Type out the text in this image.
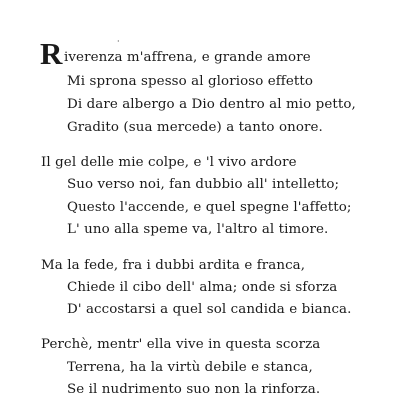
R	·
iverenza m'affrena, e grande amore
Mi sprona spesso al glorioso effetto
Di dare albergo a Dio dentro al mio petto,
Gradito (sua mercede) a tanto onore.
Il gel delle mie colpe, e 'l vivo ardore
Suo verso noi, fan dubbio all' intelletto;
Questo l'accende, e quel spegne l'affetto;
L' uno alla speme va, l'altro al timore.
Ma la fede, fra i dubbi ardita e franca,
Chiede il cibo dell' alma; onde si sforza
D' accostarsi a quel sol candida e bianca.
Perchè, mentr' ella vive in questa scorza
Terrena, ha la virtù debile e stanca,
Se il nudrimento suo non la rinforza.
